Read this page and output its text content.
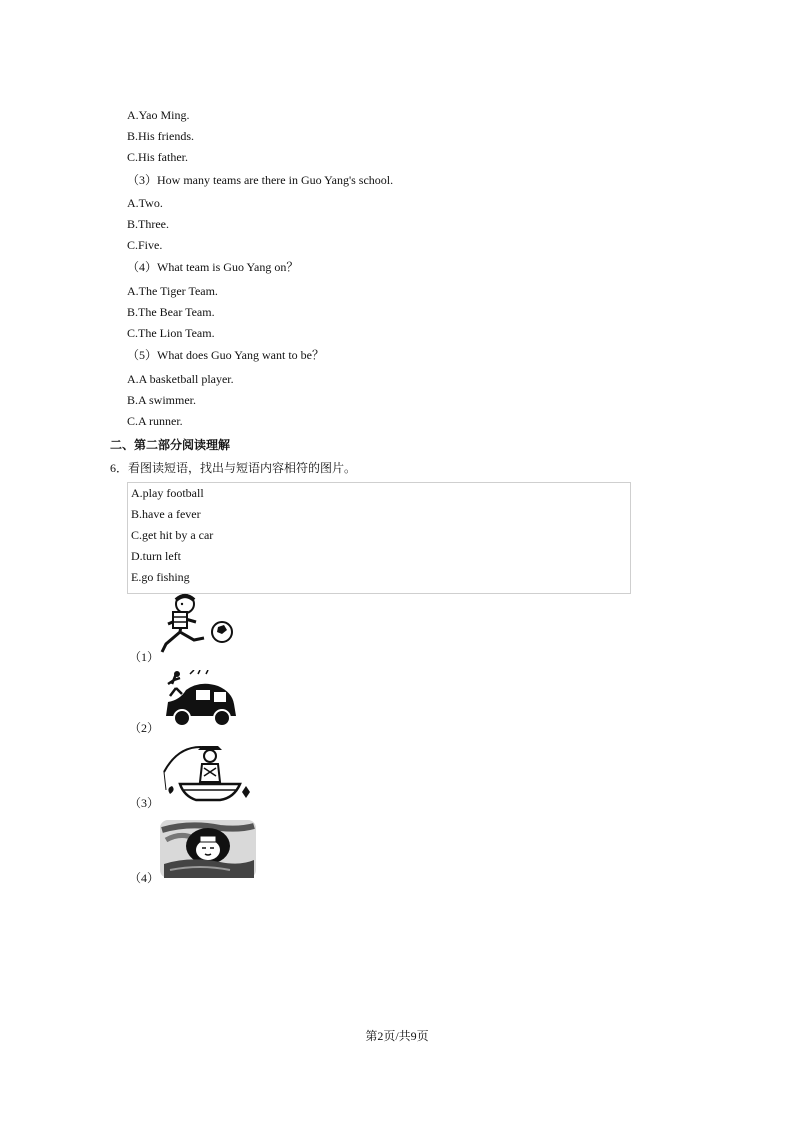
A.Yao Ming.
B.His friends.
C.His father.
（3）How many teams are there in Guo Yang's school.
A.Two.
B.Three.
C.Five.
（4）What team is Guo Yang on？
A.The Tiger Team.
B.The Bear Team.
C.The Lion Team.
（5）What does Guo Yang want to be？
A.A basketball player.
B.A swimmer.
C.A runner.
二、第二部分阅读理解
6．看图读短语，找出与短语内容相符的图片。
A.play football
B.have a fever
C.get hit by a car
D.turn left
E.go fishing
（1）
（2）
（3）
（4）
第2页/共9页
